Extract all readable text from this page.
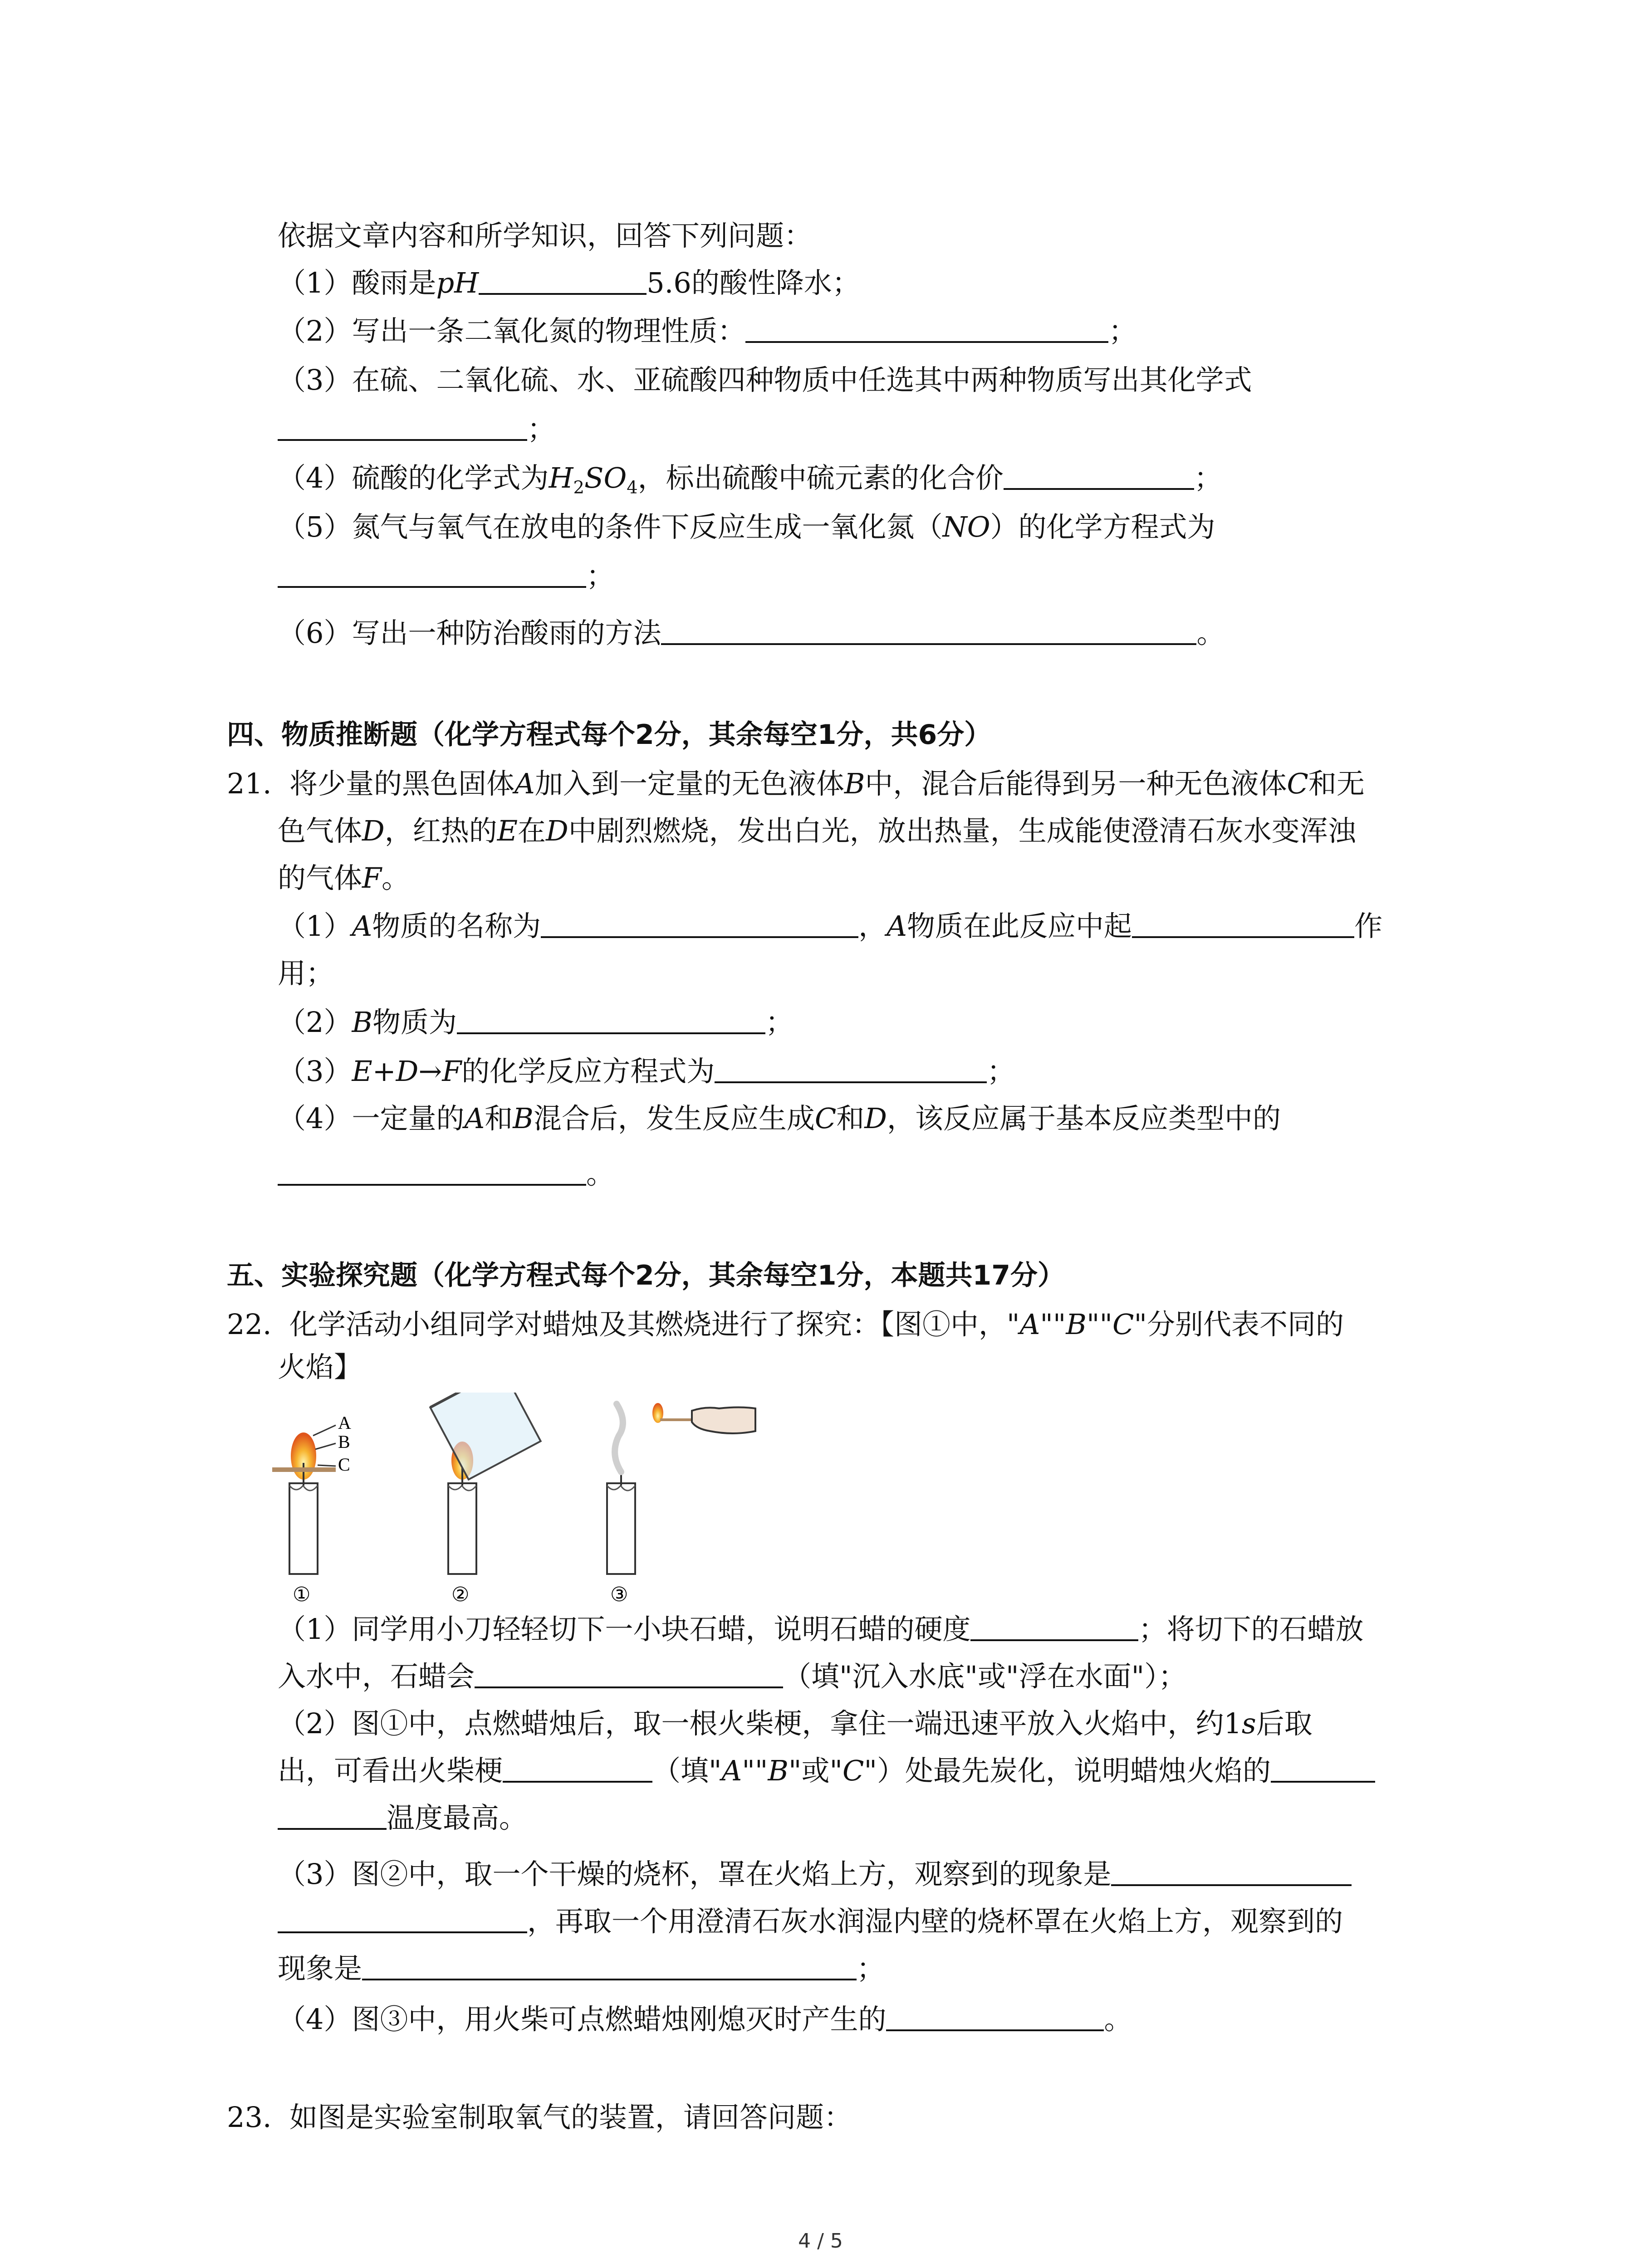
依据文章内容和所学知识，回答下列问题：
（1）酸雨是pH	5.6的酸性降水；
（2）写出一条二氧化氮的物理性质：	；
（3）在硫、二氧化硫、水、亚硫酸四种物质中任选其中两种物质写出其化学式
；
（4）硫酸的化学式为$H_2SO_4$，标出硫酸中硫元素的化合价	；
（5）氮气与氧气在放电的条件下反应生成一氧化氮（NO）的化学方程式为
；
（6）写出一种防治酸雨的方法	。
四、物质推断题（化学方程式每个2分，其余每空1分，共6分）
21. 将少量的黑色固体A加入到一定量的无色液体B中，混合后能得到另一种无色液体C和无
色气体D，红热的E在D中剧烈燃烧，发出白光，放出热量，生成能使澄清石灰水变浑浊
的气体F。
（1）A物质的名称为	，A物质在此反应中起	作
用；
（2）B物质为	；
（3）E+D→F的化学反应方程式为	；
（4）一定量的A和B混合后，发生反应生成C和D，该反应属于基本反应类型中的
。
五、实验探究题（化学方程式每个2分，其余每空1分，本题共17分）
22. 化学活动小组同学对蜡烛及其燃烧进行了探究：【图①中，"A""B""C"分别代表不同的
火焰】
A
B
C
①	②	③
（1）同学用小刀轻轻切下一小块石蜡，说明石蜡的硬度	；将切下的石蜡放
入水中，石蜡会	（填"沉入水底"或"浮在水面"）；
（2）图①中，点燃蜡烛后，取一根火柴梗，拿住一端迅速平放入火焰中，约1s后取
出，可看出火柴梗	（填"A""B"或"C"）处最先炭化，说明蜡烛火焰的
温度最高。
（3）图②中，取一个干燥的烧杯，罩在火焰上方，观察到的现象是
，再取一个用澄清石灰水润湿内壁的烧杯罩在火焰上方，观察到的
现象是	；
（4）图③中，用火柴可点燃蜡烛刚熄灭时产生的	。
23. 如图是实验室制取氧气的装置，请回答问题：
4 / 5
